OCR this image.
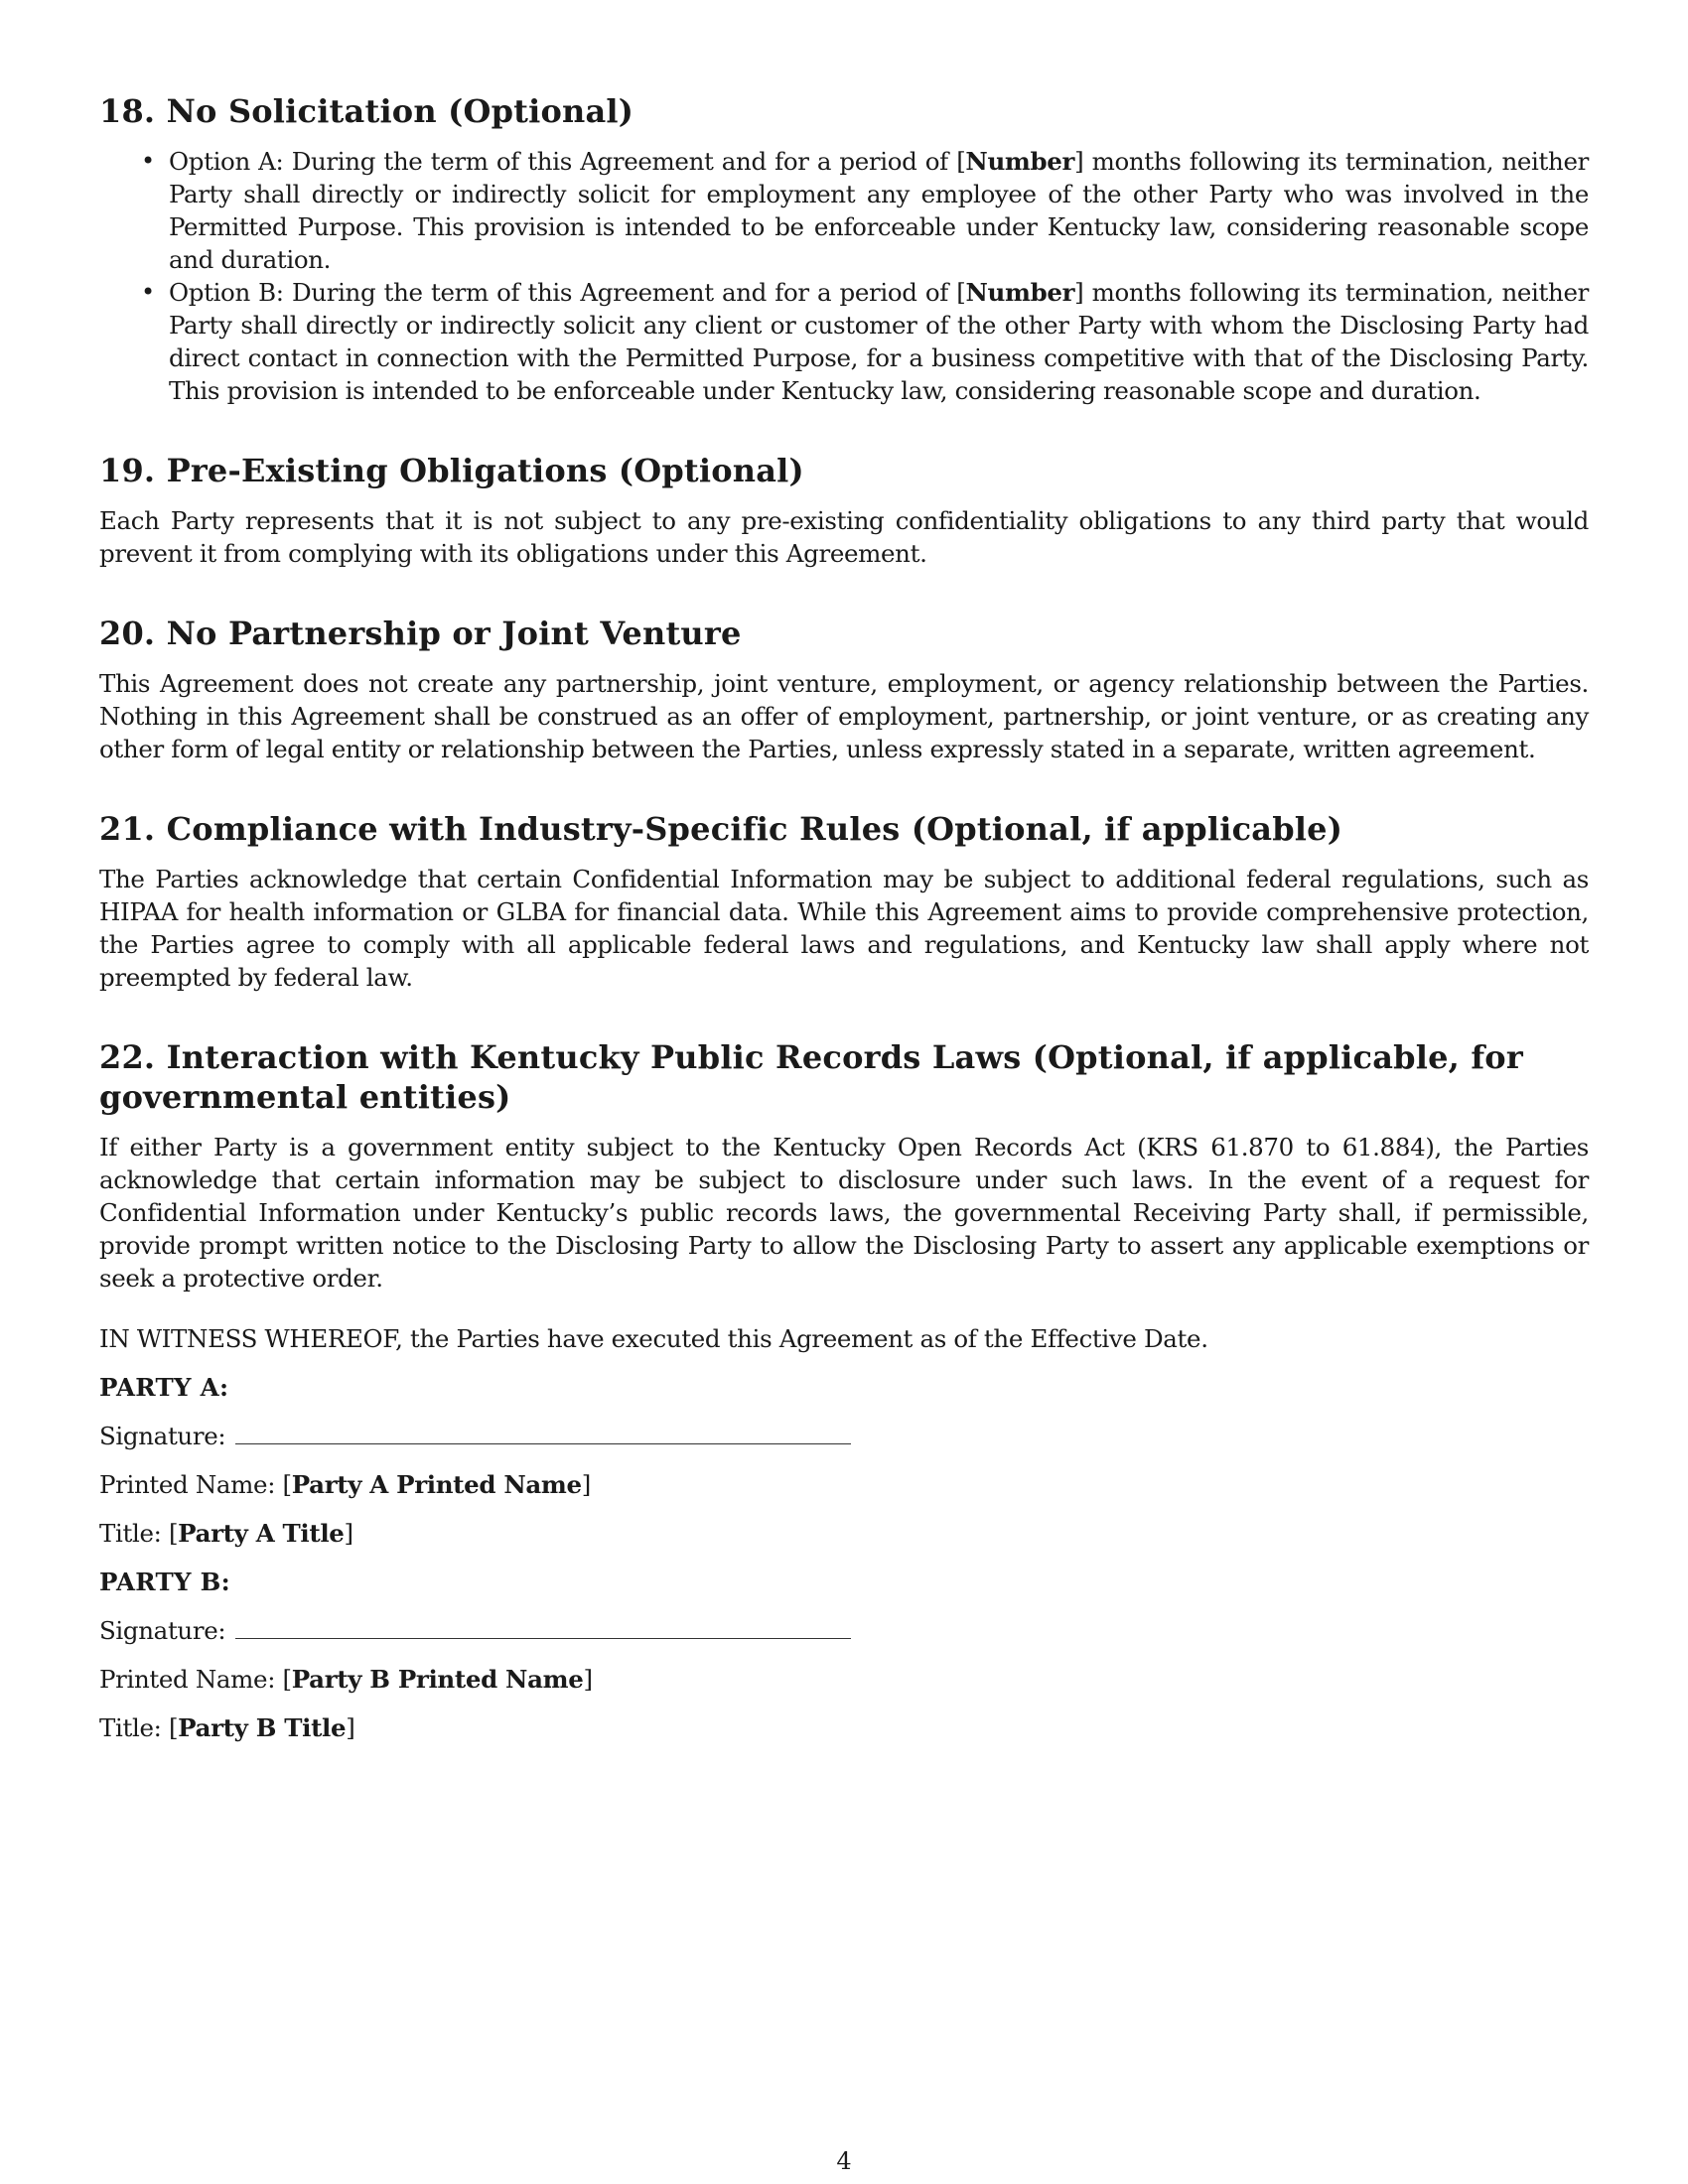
18. No Solicitation (Optional)
• Option A: During the term of this Agreement and for a period of [Number] months following its termination, neither Party shall directly or indirectly solicit for employment any employee of the other Party who was involved in the Permitted Purpose. This provision is intended to be enforceable under Kentucky law, considering reasonable scope and duration.
• Option B: During the term of this Agreement and for a period of [Number] months following its termination, neither Party shall directly or indirectly solicit any client or customer of the other Party with whom the Disclosing Party had direct contact in connection with the Permitted Purpose, for a business competitive with that of the Disclosing Party. This provision is intended to be enforceable under Kentucky law, considering reasonable scope and duration.
19. Pre-Existing Obligations (Optional)

Each Party represents that it is not subject to any pre-existing confidentiality obligations to any third party that would prevent it from complying with its obligations under this Agreement.

20. No Partnership or Joint Venture

This Agreement does not create any partnership, joint venture, employment, or agency relationship between the Parties. Nothing in this Agreement shall be construed as an offer of employment, partnership, or joint venture, or as creating any other form of legal entity or relationship between the Parties, unless expressly stated in a separate, written agreement.

21. Compliance with Industry-Specific Rules (Optional, if applicable)

The Parties acknowledge that certain Confidential Information may be subject to additional federal regulations, such as HIPAA for health information or GLBA for financial data. While this Agreement aims to provide comprehensive protection, the Parties agree to comply with all applicable federal laws and regulations, and Kentucky law shall apply where not preempted by federal law.

22. Interaction with Kentucky Public Records Laws (Optional, if applicable, for governmental entities)

If either Party is a government entity subject to the Kentucky Open Records Act (KRS 61.870 to 61.884), the Parties acknowledge that certain information may be subject to disclosure under such laws. In the event of a request for Confidential Information under Kentucky’s public records laws, the governmental Receiving Party shall, if permissible, provide prompt written notice to the Disclosing Party to allow the Disclosing Party to assert any applicable exemptions or seek a protective order.

IN WITNESS WHEREOF, the Parties have executed this Agreement as of the Effective Date.
PARTY A:
Signature:
Printed Name: [Party A Printed Name]
Title: [Party A Title]
PARTY B:
Signature:
Printed Name: [Party B Printed Name]
Title: [Party B Title]
4
